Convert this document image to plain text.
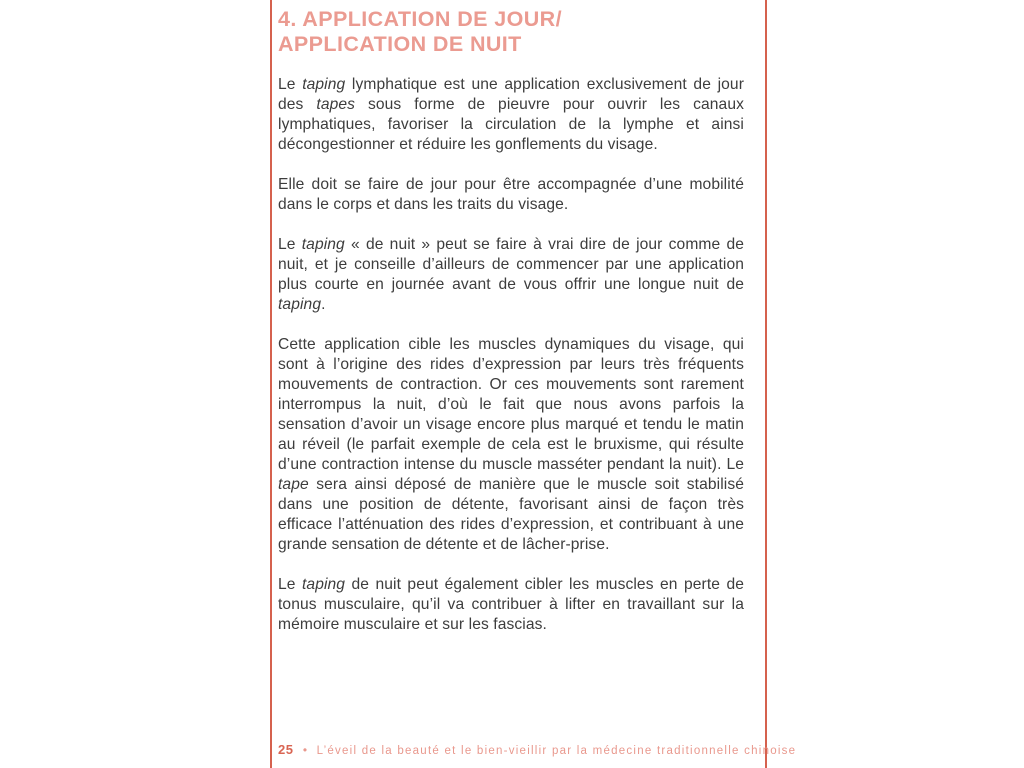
4. APPLICATION DE JOUR/
APPLICATION DE NUIT

Le taping lymphatique est une application exclusivement de jour des tapes sous forme de pieuvre pour ouvrir les canaux lymphatiques, favoriser la circulation de la lymphe et ainsi décongestionner et réduire les gonflements du visage.

Elle doit se faire de jour pour être accompagnée d’une mobilité dans le corps et dans les traits du visage.

Le taping « de nuit » peut se faire à vrai dire de jour comme de nuit, et je conseille d’ailleurs de commencer par une application plus courte en journée avant de vous offrir une longue nuit de taping.

Cette application cible les muscles dynamiques du visage, qui sont à l’origine des rides d’expression par leurs très fréquents mouvements de contraction. Or ces mouvements sont rarement interrompus la nuit, d’où le fait que nous avons parfois la sensation d’avoir un visage encore plus marqué et tendu le matin au réveil (le parfait exemple de cela est le bruxisme, qui résulte d’une contraction intense du muscle masséter pendant la nuit). Le tape sera ainsi déposé de manière que le muscle soit stabilisé dans une position de détente, favorisant ainsi de façon très efficace l’atténuation des rides d’expression, et contribuant à une grande sensation de détente et de lâcher-prise.

Le taping de nuit peut également cibler les muscles en perte de tonus musculaire, qu’il va contribuer à lifter en travaillant sur la mémoire musculaire et sur les fascias.

25 • L’éveil de la beauté et le bien-vieillir par la médecine traditionnelle chinoise
